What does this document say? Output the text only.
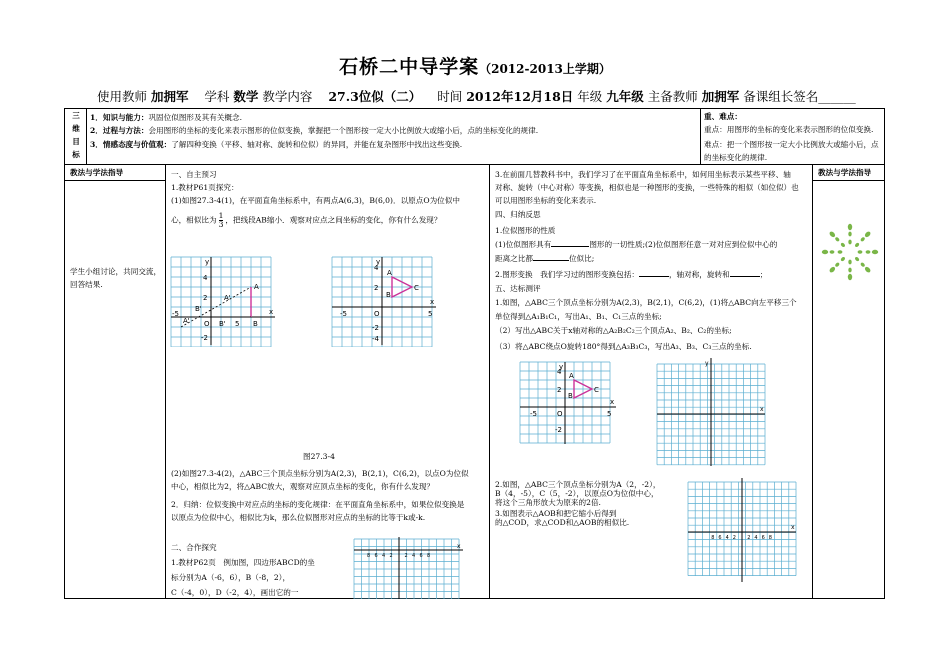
石桥二中导学案（2012-2013上学期）
使用教师 加拥军 学科 数学 教学内容 27.3位似（二） 时间 2012年12月18日 年级 九年级 主备教师 加拥军 备课组长签名______
三
维
目
标
1．知识与能力：巩固位似图形及其有关概念.
2．过程与方法：会用图形的坐标的变化来表示图形的位似变换，掌握把一个图形按一定大小比例放大或缩小后，点的坐标变化的规律.
3．情感态度与价值观：了解四种变换（平移、轴对称、旋转和位似）的异同，并能在复杂图形中找出这些变换.
重、难点：
重点：用图形的坐标的变化来表示图形的位似变换.
难点：把一个图形按一定大小比例放大或缩小后，点的坐标变化的规律.
教法与学法指导	教法与学法指导
学生小组讨论，共同交流，回答结果.
一、自主预习
1.教材P61页探究：
(1)如图27.3-4(1)，在平面直角坐标系中，有两点A(6,3)，B(6,0)．以原点O为位似中
心，相似比为 $\frac{1}{3}$ ，把线段AB缩小．观察对应点之间坐标的变化，你有什么发现？
x
y
A
B
A'
B'
B'
A'
-5
O	5
2
4
-2
x
y
A
B
C
-5	O	5
2
4
-2
-4
图27.3-4
(2)如图27.3-4(2)，△ABC三个顶点坐标分别为A(2,3)，B(2,1)，C(6,2)，以点O为位似
中心，相似比为2，将△ABC放大，观察对应顶点坐标的变化，你有什么发现？
2．归纳：位似变换中对应点的坐标的变化规律：在平面直角坐标系中，如果位似变换是
以原点为位似中心，相似比为k，那么位似图形对应点的坐标的比等于k或-k.
二、合作探究
1.教材P62页　例加图，四边形ABCD的坐
标分别为A（-6，6），B（-8，2），
C（-4，0），D（-2，4），画出它的一
x
8 6 4 2 2 4 6 8
3.在前面几替教科书中，我们学习了在平面直角坐标系中，如何用坐标表示某些平移、轴
对称、旋转（中心对称）等变换，相似也是一种图形的变换，一些特殊的相似（如位似）也
可以用图形坐标的变化来表示.
四、归纳反思
1.位似图形的性质
(1)位似图形具有	图形的一切性质;(2)位似图形任意一对对应到位似中心的
距离之比都	位似比;
2.图形变换　我们学习过的图形变换包括：	，轴对称，旋转和	；
五、达标测评
1.如图，△ABC三个顶点坐标分别为A(2,3)，B(2,1)，C(6,2)，(1)将△ABC向左平移三个
单位得到△A₁B₁C₁，写出A₁、B₁、C₁三点的坐标;
（2）写出△ABC关于x轴对称的△A₂B₂C₂三个顶点A₂、B₂、C₂的坐标;
（3）将△ABC绕点O旋转180°得到△A₃B₃C₃，写出A₃、B₃、C₃三点的坐标.
x
y
A
B
C
-5	O	5
2
4
-2
x
y
2.如图，△ABC三个顶点坐标分别为A（2，-2），
B（4，-5），C（5，-2），以原点O为位似中心，
将这个三角形放大为原来的2倍.
3.如图表示△AOB和把它缩小后得到
的△COD，求△COD和△AOB的相似比.
x
8 6 4 2 2 4 6 8
